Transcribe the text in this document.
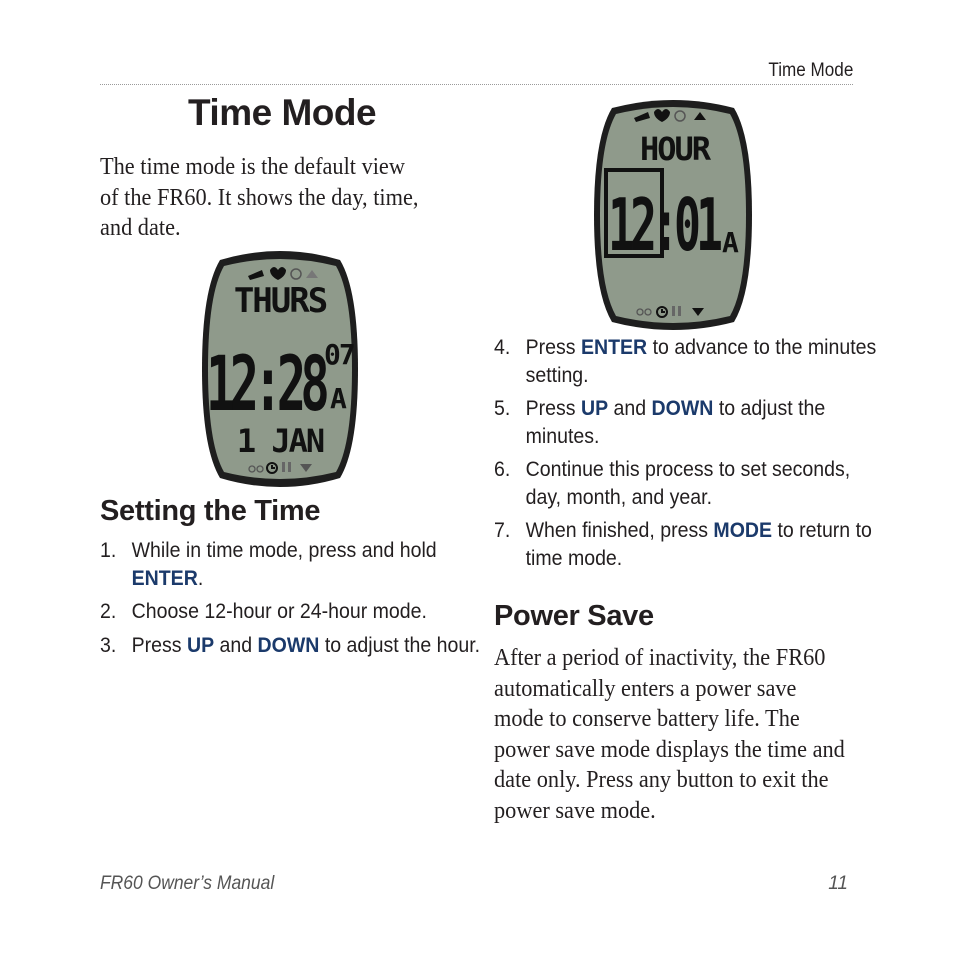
Time Mode
Time Mode

The time mode is the default view of the FR60. It shows the day, time, and date.

THURS
12:28
07
A
1 JAN
HOUR
12:01 A
Setting the Time
1. While in time mode, press and hold ENTER.
2. Choose 12-hour or 24-hour mode.
3. Press UP and DOWN to adjust the hour.
4. Press ENTER to advance to the minutes setting.
5. Press UP and DOWN to adjust the minutes.
6. Continue this process to set seconds, day, month, and year.
7. When finished, press MODE to return to time mode.
Power Save

After a period of inactivity, the FR60 automatically enters a power save mode to conserve battery life. The power save mode displays the time and date only. Press any button to exit the power save mode.

FR60 Owner’s Manual	11
